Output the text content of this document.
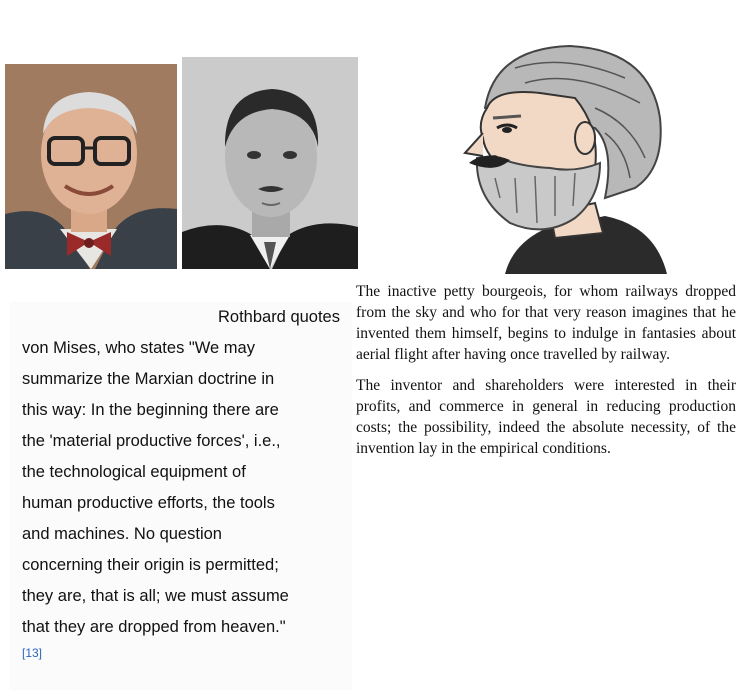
Rothbard quotes
von Mises, who states "We may
summarize the Marxian doctrine in
this way: In the beginning there are
the 'material productive forces', i.e.,
the technological equipment of
human productive efforts, the tools
and machines. No question
concerning their origin is permitted;
they are, that is all; we must assume
that they are dropped from heaven."
[13]

The inactive petty bourgeois, for whom railways dropped from the sky and who for that very reason imagines that he invented them himself, begins to indulge in fantasies about aerial flight after having once travelled by railway.

The inventor and shareholders were interested in their profits, and commerce in general in reducing production costs; the possibility, indeed the absolute necessity, of the invention lay in the empirical conditions.
